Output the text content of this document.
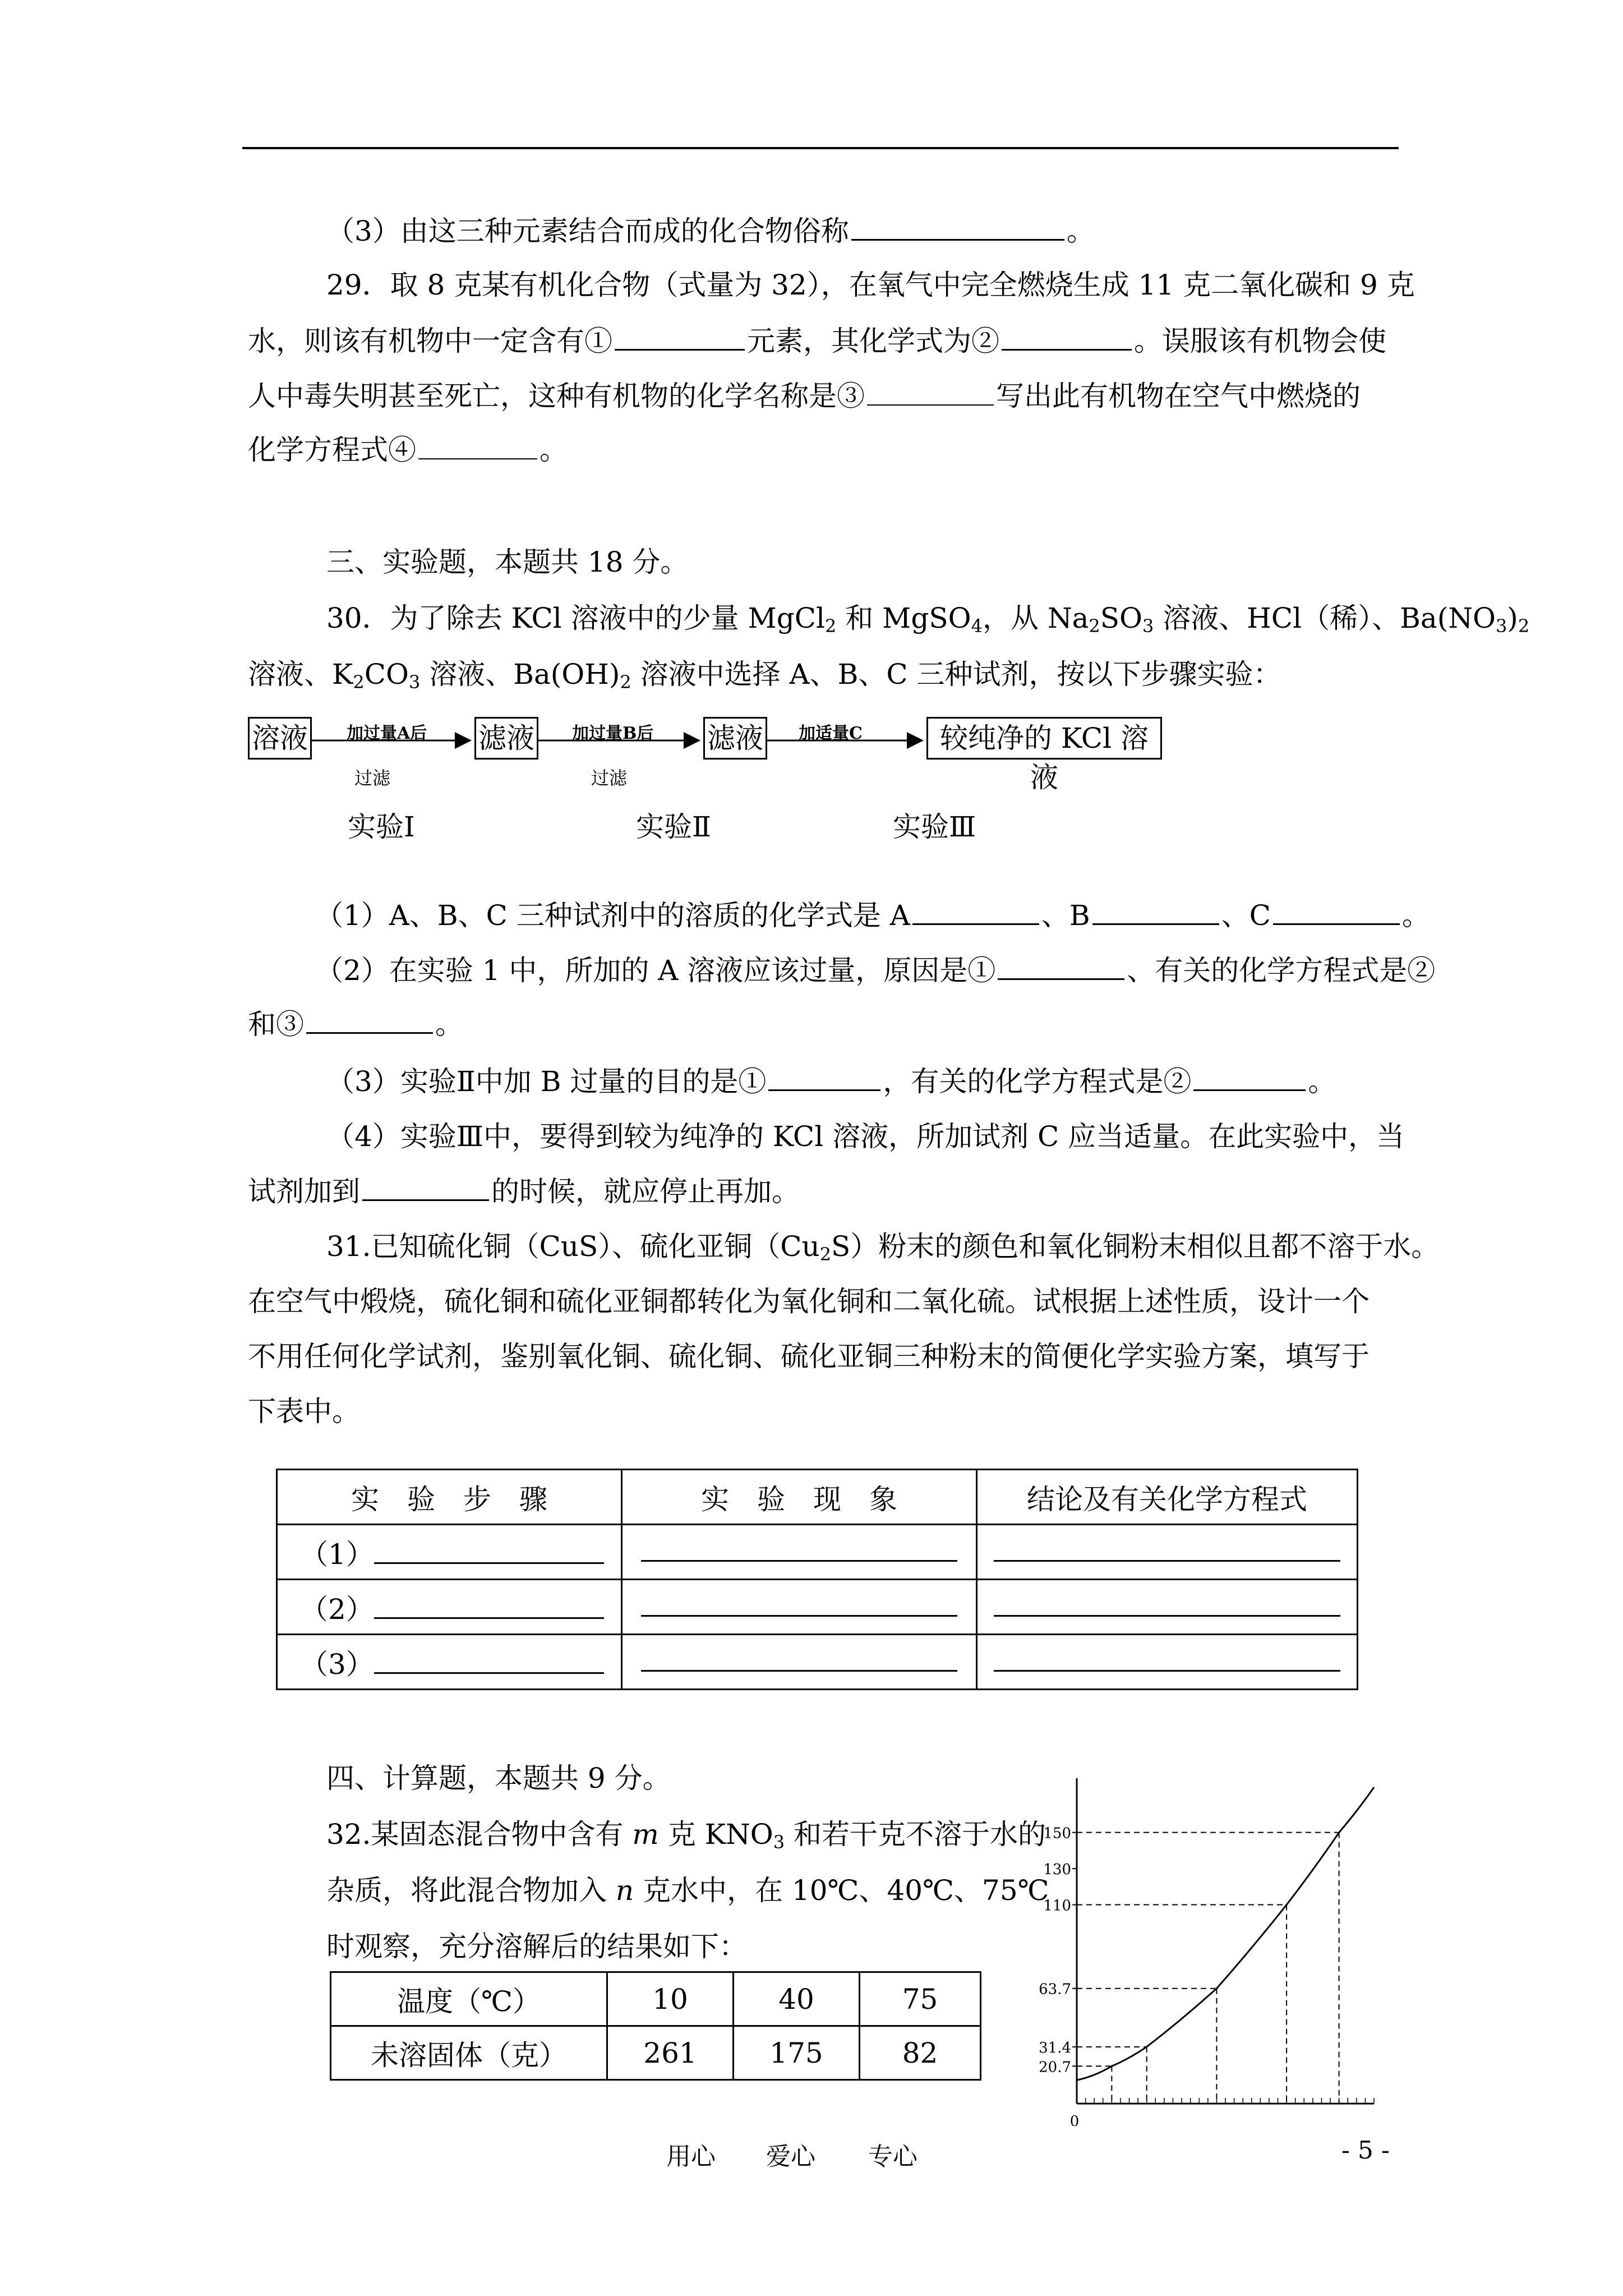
（3）由这三种元素结合而成的化合物俗称	。
29．取 8 克某有机化合物（式量为 32），在氧气中完全燃烧生成 11 克二氧化碳和 9 克
水，则该有机物中一定含有①	元素，其化学式为②	。误服该有机物会使
人中毒失明甚至死亡，这种有机物的化学名称是③	写出此有机物在空气中燃烧的
化学方程式④	。
三、实验题，本题共 18 分。
30．为了除去 KCl 溶液中的少量 MgCl$_2$ 和 MgSO$_4$，从 $Na_2SO_3$ 溶液、HCl（稀）、$Ba(NO_3)_2$
溶液、$K_2CO_3$ 溶液、$Ba(OH)_2$ 溶液中选择 A、B、C 三种试剂，按以下步骤实验：
溶液 加过量A后
过滤
滤液 加过量B后
过滤
滤液 加适量C	较纯净的 KCl 溶液
实验Ⅰ	实验Ⅱ	实验Ⅲ
（1）A、B、C 三种试剂中的溶质的化学式是 A	、B	、C	。
（2）在实验 1 中，所加的 A 溶液应该过量，原因是①	、有关的化学方程式是②
和③	。
（3）实验Ⅱ中加 B 过量的目的是①	，有关的化学方程式是②	。
（4）实验Ⅲ中，要得到较为纯净的 KCl 溶液，所加试剂 C 应当适量。在此实验中，当
试剂加到	的时候，就应停止再加。
31.已知硫化铜（CuS）、硫化亚铜$(Cu_2S)$粉末的颜色和氧化铜粉末相似且都不溶于水。
在空气中煅烧，硫化铜和硫化亚铜都转化为氧化铜和二氧化硫。试根据上述性质，设计一个
不用任何化学试剂，鉴别氧化铜、硫化铜、硫化亚铜三种粉末的简便化学实验方案，填写于
下表中。
实　验　步　骤	实　验　现　象	结论及有关化学方程式
（1）		
（2）		
（3）		
四、计算题，本题共 9 分。
32.某固态混合物中含有 m 克 $KNO_3$ 和若干克不溶于水的
杂质，将此混合物加入 n 克水中，在 10℃、40℃、75℃
时观察，充分溶解后的结果如下：
温度（℃）	10	40	75
未溶固体（克）	261	175	82
150
130
110
63.7
31.4
20.7
0
用心 爱心 专心	- 5 -
